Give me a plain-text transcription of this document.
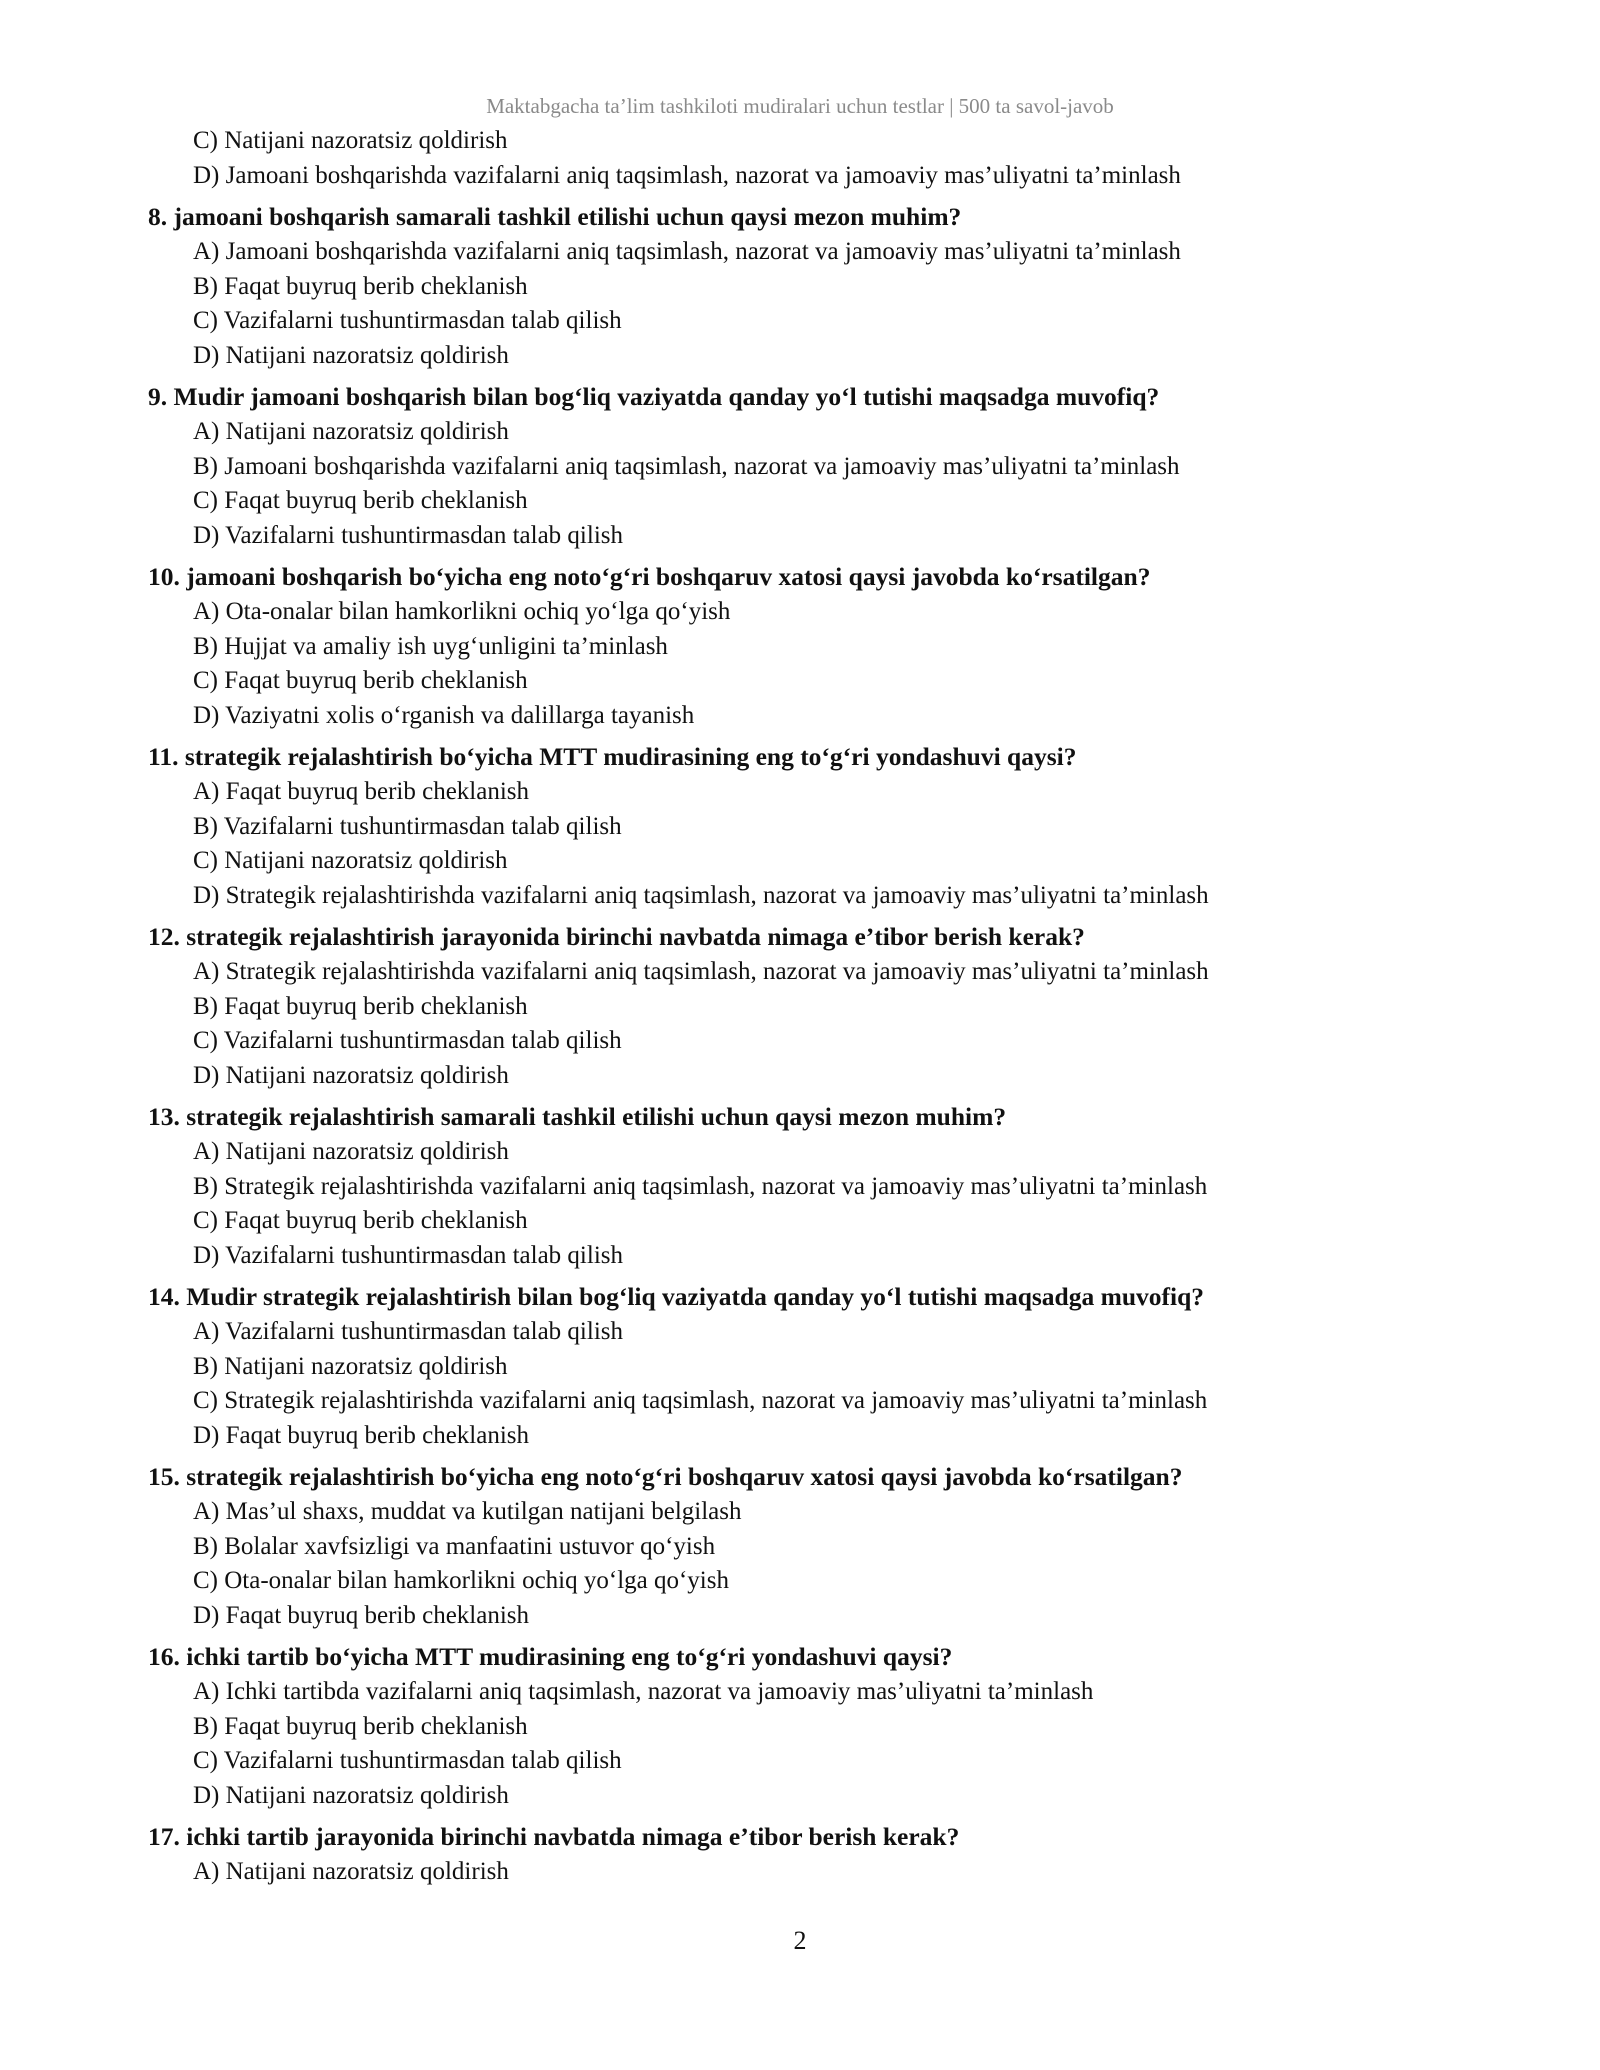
Maktabgacha ta’lim tashkiloti mudiralari uchun testlar | 500 ta savol-javob
C) Natijani nazoratsiz qoldirish
D) Jamoani boshqarishda vazifalarni aniq taqsimlash, nazorat va jamoaviy mas’uliyatni ta’minlash
8. jamoani boshqarish samarali tashkil etilishi uchun qaysi mezon muhim?
A) Jamoani boshqarishda vazifalarni aniq taqsimlash, nazorat va jamoaviy mas’uliyatni ta’minlash
B) Faqat buyruq berib cheklanish
C) Vazifalarni tushuntirmasdan talab qilish
D) Natijani nazoratsiz qoldirish
9. Mudir jamoani boshqarish bilan bog‘liq vaziyatda qanday yo‘l tutishi maqsadga muvofiq?
A) Natijani nazoratsiz qoldirish
B) Jamoani boshqarishda vazifalarni aniq taqsimlash, nazorat va jamoaviy mas’uliyatni ta’minlash
C) Faqat buyruq berib cheklanish
D) Vazifalarni tushuntirmasdan talab qilish
10. jamoani boshqarish bo‘yicha eng noto‘g‘ri boshqaruv xatosi qaysi javobda ko‘rsatilgan?
A) Ota-onalar bilan hamkorlikni ochiq yo‘lga qo‘yish
B) Hujjat va amaliy ish uyg‘unligini ta’minlash
C) Faqat buyruq berib cheklanish
D) Vaziyatni xolis o‘rganish va dalillarga tayanish
11. strategik rejalashtirish bo‘yicha MTT mudirasining eng to‘g‘ri yondashuvi qaysi?
A) Faqat buyruq berib cheklanish
B) Vazifalarni tushuntirmasdan talab qilish
C) Natijani nazoratsiz qoldirish
D) Strategik rejalashtirishda vazifalarni aniq taqsimlash, nazorat va jamoaviy mas’uliyatni ta’minlash
12. strategik rejalashtirish jarayonida birinchi navbatda nimaga e’tibor berish kerak?
A) Strategik rejalashtirishda vazifalarni aniq taqsimlash, nazorat va jamoaviy mas’uliyatni ta’minlash
B) Faqat buyruq berib cheklanish
C) Vazifalarni tushuntirmasdan talab qilish
D) Natijani nazoratsiz qoldirish
13. strategik rejalashtirish samarali tashkil etilishi uchun qaysi mezon muhim?
A) Natijani nazoratsiz qoldirish
B) Strategik rejalashtirishda vazifalarni aniq taqsimlash, nazorat va jamoaviy mas’uliyatni ta’minlash
C) Faqat buyruq berib cheklanish
D) Vazifalarni tushuntirmasdan talab qilish
14. Mudir strategik rejalashtirish bilan bog‘liq vaziyatda qanday yo‘l tutishi maqsadga muvofiq?
A) Vazifalarni tushuntirmasdan talab qilish
B) Natijani nazoratsiz qoldirish
C) Strategik rejalashtirishda vazifalarni aniq taqsimlash, nazorat va jamoaviy mas’uliyatni ta’minlash
D) Faqat buyruq berib cheklanish
15. strategik rejalashtirish bo‘yicha eng noto‘g‘ri boshqaruv xatosi qaysi javobda ko‘rsatilgan?
A) Mas’ul shaxs, muddat va kutilgan natijani belgilash
B) Bolalar xavfsizligi va manfaatini ustuvor qo‘yish
C) Ota-onalar bilan hamkorlikni ochiq yo‘lga qo‘yish
D) Faqat buyruq berib cheklanish
16. ichki tartib bo‘yicha MTT mudirasining eng to‘g‘ri yondashuvi qaysi?
A) Ichki tartibda vazifalarni aniq taqsimlash, nazorat va jamoaviy mas’uliyatni ta’minlash
B) Faqat buyruq berib cheklanish
C) Vazifalarni tushuntirmasdan talab qilish
D) Natijani nazoratsiz qoldirish
17. ichki tartib jarayonida birinchi navbatda nimaga e’tibor berish kerak?
A) Natijani nazoratsiz qoldirish
2
